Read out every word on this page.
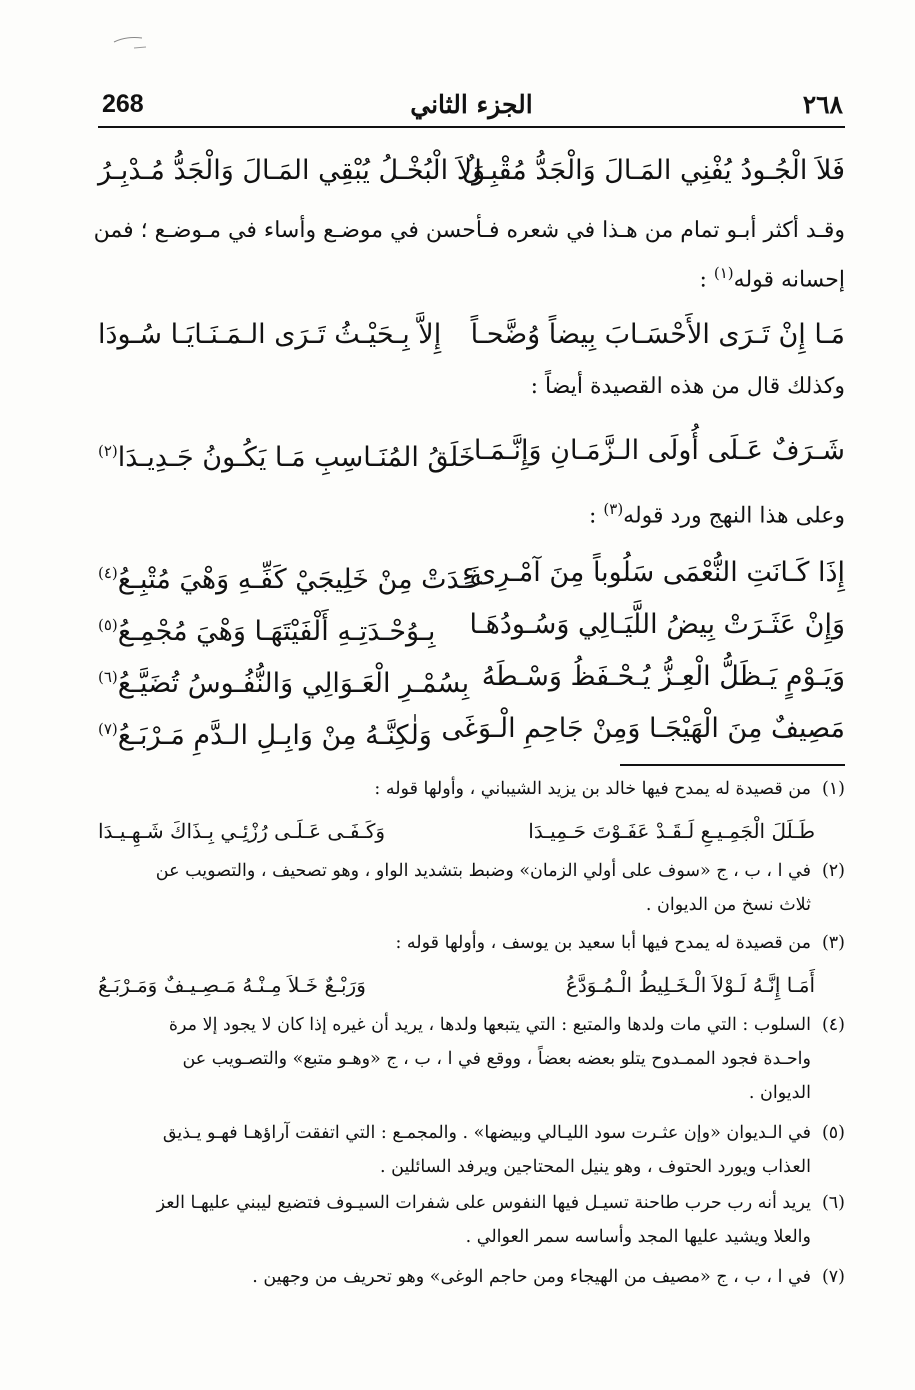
268	الجزء الثاني	٢٦٨
فَلاَ الْجُـودُ يُفْنِي المَـالَ وَالْجَدُّ مُقْبِـلٌ
وَلاَ الْبُخْـلُ يُبْقِي المَـالَ وَالْجَدُّ مُـدْبِـرُ
وقـد أكثر أبـو تمام من هـذا في شعره فـأحسن في موضـع وأساء في مـوضـع ؛ فمن
إحسانه قوله$^{(١)}$ :
مَـا إِنْ تَـرَى الأَحْسَـابَ بِيضاً وُضَّحـاً
إِلاَّ بِـحَيْـثُ تَـرَى الـمَـنَـايَـا سُـودَا
وكذلك قال من هذه القصيدة أيضاً :
شَـرَفٌ عَـلَى أُولَى الـزَّمَـانِ وَإِنَّـمَـا
خَلَقُ المُنَـاسِبِ مَـا يَكُـونُ جَـدِيـدَا$^{(٢)}$
وعلى هذا النهج ورد قوله$^{(٣)}$ :
إِذَا كَـانَتِ النُّعْمَى سَلُوباً مِنَ آمْـرِىءٍ
غَـدَتْ مِنْ خَلِيجَيْ كَفِّـهِ وَهْيَ مُتْبِـعُ$^{(٤)}$
وَإِنْ عَثَـرَتْ بِيضُ اللَّيَـالِي وَسُـودُهَـا
بِـوُحْـدَتِـهِ أَلْفَيْتَهَـا وَهْيَ مُجْمِـعُ$^{(٥)}$
وَيَـوْمٍ يَـظَلُّ الْعِـزُّ يُـحْـفَظُ وَسْـطَهُ
بِسُمْـرِ الْعَـوَالِي وَالنُّفُـوسُ تُضَيَّـعُ$^{(٦)}$
مَصِيفٌ مِنَ الْهَيْجَـا وَمِنْ جَاحِمِ الْـوَغَى
وَلٰكِنَّـهُ مِنْ وَابِـلِ الـدَّمِ مَـرْبَـعُ$^{(٧)}$
(١)من قصيدة له يمدح فيها خالد بن يزيد الشيباني ، وأولها قوله :
طَـلَلَ الْجَمِـيـعِ لَـقَـدْ عَفَـوْتَ حَـمِيـدَا
وَكَـفَـى عَـلَـى رُزْئِـي بِـذَاكَ شَـهِـيـدَا
(٢)في ا ، ب ، ج «سوف على أولي الزمان» وضبط بتشديد الواو ، وهو تصحيف ، والتصويب عن
ثلاث نسخ من الديوان .
(٣)من قصيدة له يمدح فيها أبا سعيد بن يوسف ، وأولها قوله :
أَمَـا إِنَّـهُ لَـوْلاَ الْـخَـلِيطُ الْـمُـوَدَّعُ
وَرَبْـعٌ خَـلاَ مِـنْـهُ مَـصِـيـفٌ وَمَـرْبَـعُ
(٤)السلوب : التي مات ولدها والمتبع : التي يتبعها ولدها ، يريد أن غيره إذا كان لا يجود إلا مرة
واحـدة فجود الممـدوح يتلو بعضه بعضاً ، ووقع في ا ، ب ، ج «وهـو متبع» والتصـويب عن
الديوان .
(٥)في الـديوان «وإن عثـرت سود الليـالي وبيضها» . والمجمـع : التي اتفقت آراؤهـا فهـو يـذيق
العذاب ويورد الحتوف ، وهو ينيل المحتاجين ويرفد السائلين .
(٦)يريد أنه رب حرب طاحنة تسيـل فيها النفوس على شفرات السيـوف فتضيع ليبني عليهـا العز
والعلا ويشيد عليها المجد وأساسه سمر العوالي .
(٧)في ا ، ب ، ج «مصيف من الهيجاء ومن حاجم الوغى» وهو تحريف من وجهين .
